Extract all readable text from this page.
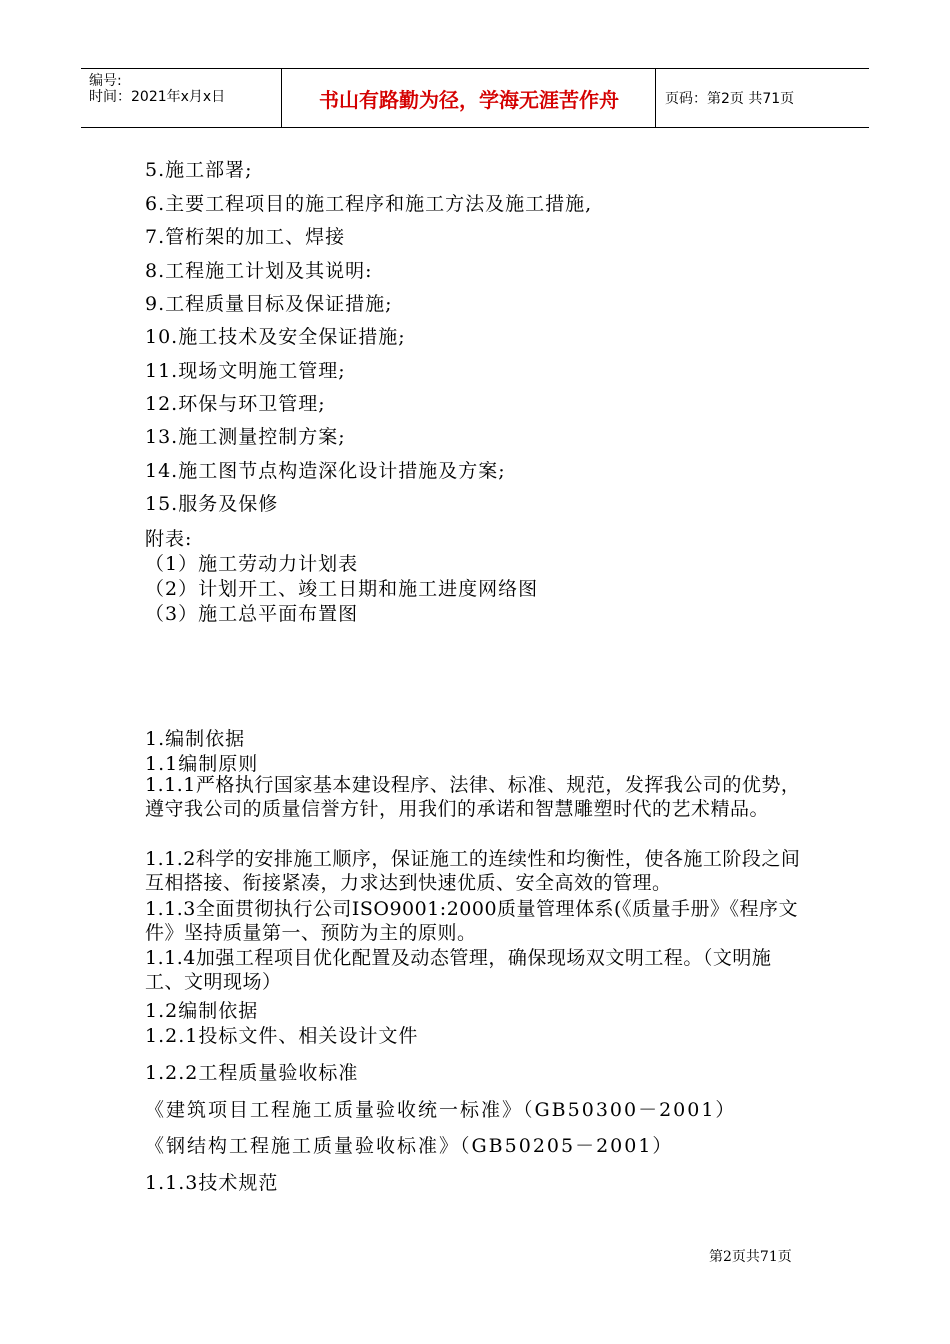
编号:
时间：2021年x月x日	书山有路勤为径，学海无涯苦作舟	页码：第2页 共71页
5.施工部署;
6.主要工程项目的施工程序和施工方法及施工措施,
7.管桁架的加工、焊接
8.工程施工计划及其说明:
9.工程质量目标及保证措施;
10.施工技术及安全保证措施;
11.现场文明施工管理;
12.环保与环卫管理;
13.施工测量控制方案;
14.施工图节点构造深化设计措施及方案;
15.服务及保修
附表:
（1）施工劳动力计划表
（2）计划开工、竣工日期和施工进度网络图
（3）施工总平面布置图
1.编制依据
1.1编制原则
1.1.1严格执行国家基本建设程序、法律、标准、规范，发挥我公司的优势，遵守我公司的质量信誉方针，用我们的承诺和智慧雕塑时代的艺术精品。
1.1.2科学的安排施工顺序，保证施工的连续性和均衡性，使各施工阶段之间互相搭接、衔接紧凑，力求达到快速优质、安全高效的管理。
1.1.3全面贯彻执行公司ISO9001:2000质量管理体系(《质量手册》《程序文件》坚持质量第一、预防为主的原则。
1.1.4加强工程项目优化配置及动态管理，确保现场双文明工程。（文明施工、文明现场）
1.2编制依据
1.2.1投标文件、相关设计文件
1.2.2工程质量验收标准
《建筑项目工程施工质量验收统一标准》（GB50300－2001）
《钢结构工程施工质量验收标准》（GB50205－2001）
1.1.3技术规范
第2页共71页
